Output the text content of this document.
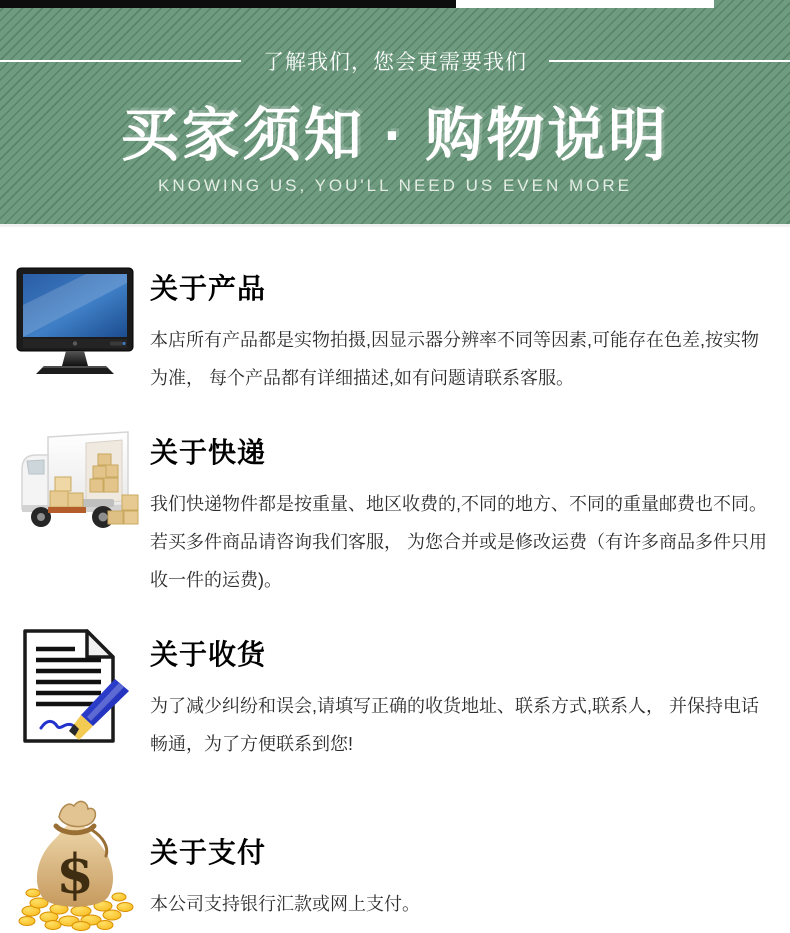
了解我们，您会更需要我们
买家须知 · 购物说明
KNOWING US, YOU'LL NEED US EVEN MORE
关于产品
本店所有产品都是实物拍摄,因显示器分辨率不同等因素,可能存在色差,按实物为准， 每个产品都有详细描述,如有问题请联系客服。
关于快递
我们快递物件都是按重量、地区收费的,不同的地方、不同的重量邮费也不同。若买多件商品请咨询我们客服， 为您合并或是修改运费（有许多商品多件只用收一件的运费)。
关于收货
为了减少纠纷和误会,请填写正确的收货地址、联系方式,联系人， 并保持电话畅通，为了方便联系到您!
$ 关于支付
本公司支持银行汇款或网上支付。
